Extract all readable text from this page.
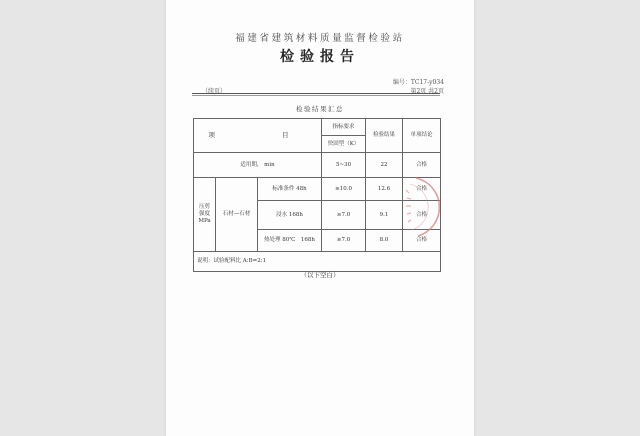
福建省建筑材料质量监督检验站
检验报告
编号：TC17-y034
（续页）	第2页 共2页
检验结果汇总
项　　目			指标要求	检验结果	单项结论
			快固型（K）		
适用期， min			5~30	22	合格

压剪
强度
MPa	石材—石材	标准条件 48h	≥10.0	12.6	合格
		浸水 168h	≥7.0	9.1	合格
		热处理 80℃　168h	≥7.0	8.0	合格
说明：试验配料比 A:B=2:1					
（以下空白）
